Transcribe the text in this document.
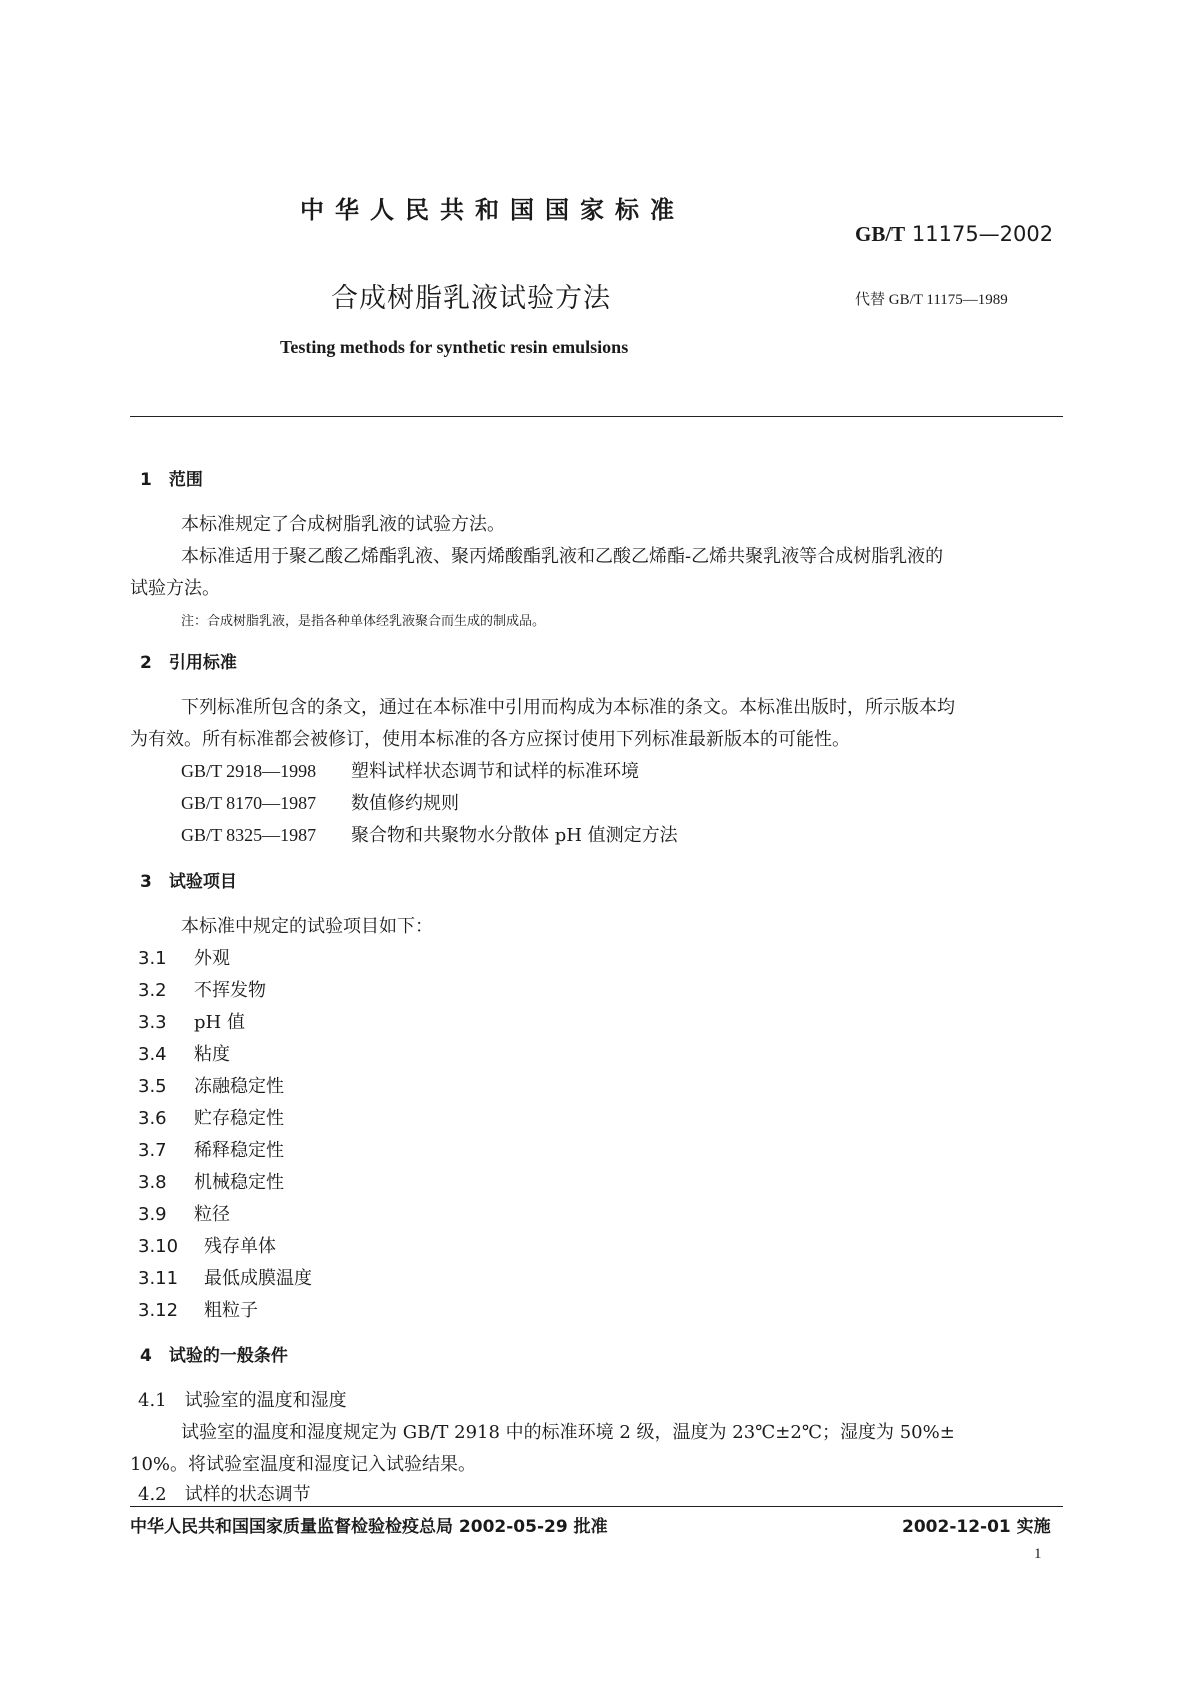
中华人民共和国国家标准
GB/T 11175—2002
合成树脂乳液试验方法	代替 GB/T 11175—1989
Testing methods for synthetic resin emulsions
1　范围
本标准规定了合成树脂乳液的试验方法。
本标准适用于聚乙酸乙烯酯乳液、聚丙烯酸酯乳液和乙酸乙烯酯-乙烯共聚乳液等合成树脂乳液的
试验方法。
注：合成树脂乳液，是指各种单体经乳液聚合而生成的制成品。
2　引用标准
下列标准所包含的条文，通过在本标准中引用而构成为本标准的条文。本标准出版时，所示版本均
为有效。所有标准都会被修订，使用本标准的各方应探讨使用下列标准最新版本的可能性。
GB/T 2918—1998 塑料试样状态调节和试样的标准环境
GB/T 8170—1987 数值修约规则
GB/T 8325—1987 聚合物和共聚物水分散体 pH 值测定方法
3　试验项目
本标准中规定的试验项目如下：
3.1 外观
3.2 不挥发物
3.3 pH 值
3.4 粘度
3.5 冻融稳定性
3.6 贮存稳定性
3.7 稀释稳定性
3.8 机械稳定性
3.9 粒径
3.10 残存单体
3.11 最低成膜温度
3.12 粗粒子
4　试验的一般条件
4.1　试验室的温度和湿度
试验室的温度和湿度规定为 GB/T 2918 中的标准环境 2 级，温度为 23℃±2℃；湿度为 50%±
10%。将试验室温度和湿度记入试验结果。
4.2　试样的状态调节
中华人民共和国国家质量监督检验检疫总局 2002-05-29 批准	2002-12-01 实施
1
